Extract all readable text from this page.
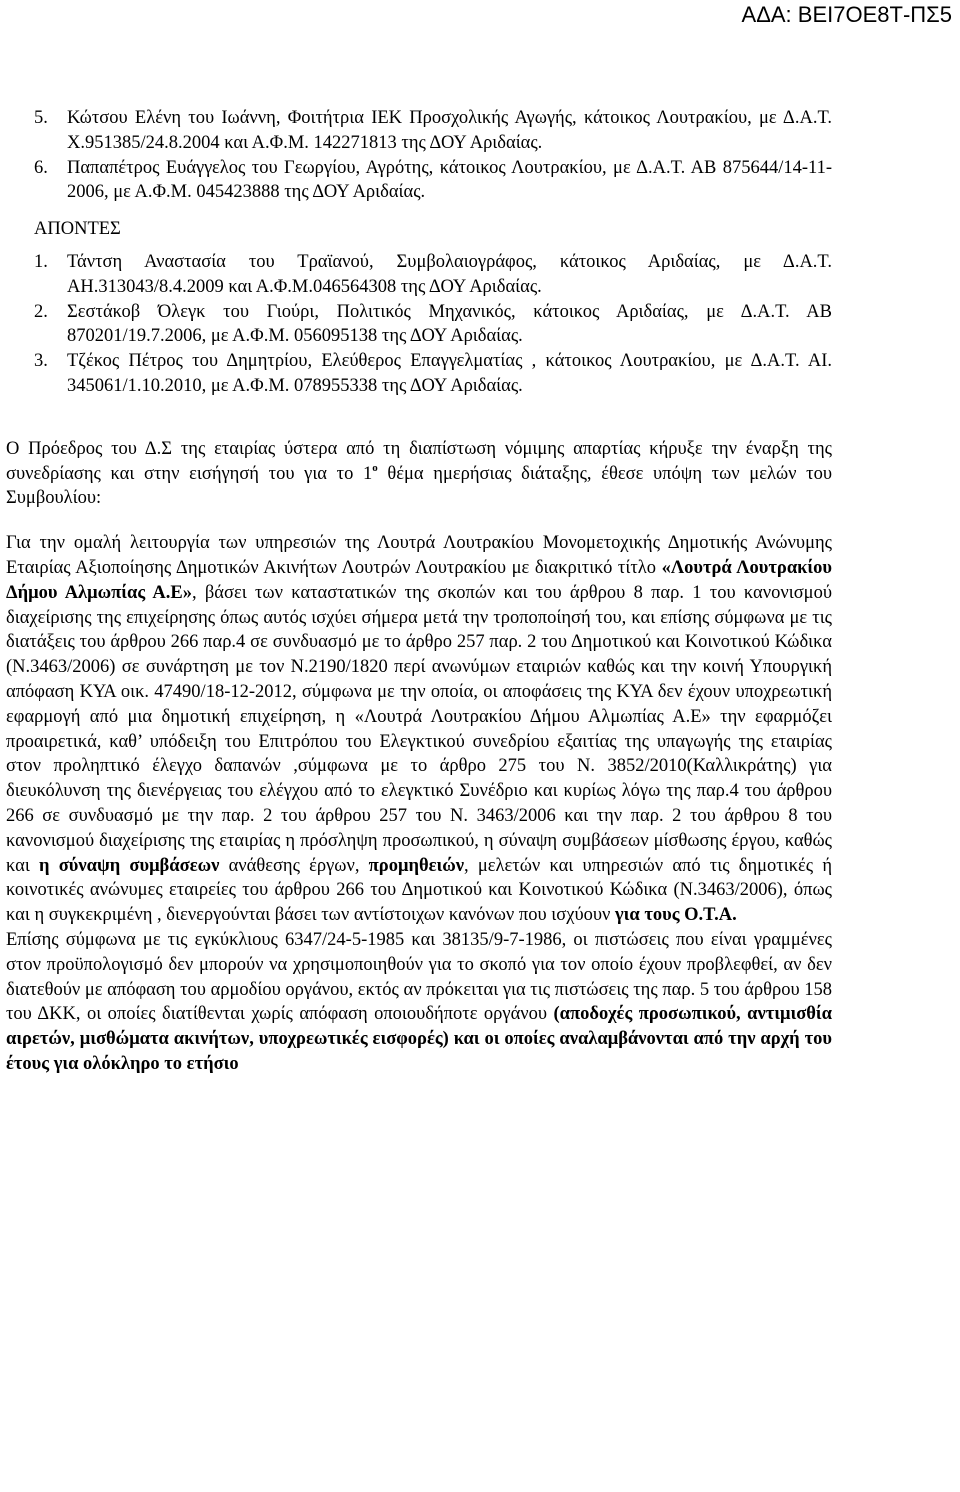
ΑΔΑ: ΒΕΙ7ΟΕ8Τ-ΠΣ5
5.	Κώτσου Ελένη του Ιωάννη, Φοιτήτρια ΙΕΚ Προσχολικής Αγωγής, κάτοικος Λουτρακίου, με Δ.Α.Τ. Χ.951385/24.8.2004 και Α.Φ.Μ. 142271813 της ΔΟΥ Αριδαίας.
6.	Παπαπέτρος Ευάγγελος του Γεωργίου, Αγρότης, κάτοικος Λουτρακίου, με Δ.Α.Τ. ΑΒ 875644/14-11-2006, με Α.Φ.Μ. 045423888 της ΔΟΥ Αριδαίας.
ΑΠΟΝΤΕΣ
1.	Τάντση Αναστασία του Τραϊανού, Συμβολαιογράφος, κάτοικος Αριδαίας, με Δ.Α.Τ. ΑΗ.313043/8.4.2009 και Α.Φ.Μ.046564308 της ΔΟΥ Αριδαίας.
2.	Σεστάκοβ Όλεγκ του Γιούρι, Πολιτικός Μηχανικός, κάτοικος Αριδαίας, με Δ.Α.Τ. ΑΒ 870201/19.7.2006, με Α.Φ.Μ. 056095138 της ΔΟΥ Αριδαίας.
3.	Τζέκος Πέτρος του Δημητρίου, Ελεύθερος Επαγγελματίας , κάτοικος Λουτρακίου, με Δ.Α.Τ. ΑΙ. 345061/1.10.2010, με Α.Φ.Μ. 078955338 της ΔΟΥ Αριδαίας.
Ο Πρόεδρος του Δ.Σ της εταιρίας ύστερα από τη διαπίστωση νόμιμης απαρτίας κήρυξε την έναρξη της συνεδρίασης και στην εισήγησή του για το $1^o$ θέμα ημερήσιας διάταξης, έθεσε υπόψη των μελών του Συμβουλίου:
Για την ομαλή λειτουργία των υπηρεσιών της Λουτρά Λουτρακίου Μονομετοχικής Δημοτικής Ανώνυμης Εταιρίας Αξιοποίησης Δημοτικών Ακινήτων Λουτρών Λουτρακίου με διακριτικό τίτλο «Λουτρά Λουτρακίου Δήμου Αλμωπίας Α.Ε», βάσει των καταστατικών της σκοπών και του άρθρου 8 παρ. 1 του κανονισμού διαχείρισης της επιχείρησης όπως αυτός ισχύει σήμερα μετά την τροποποίησή του, και επίσης σύμφωνα με τις διατάξεις του άρθρου 266 παρ.4 σε συνδυασμό με το άρθρο 257 παρ. 2 του Δημοτικού και Κοινοτικού Κώδικα (Ν.3463/2006) σε συνάρτηση με τον Ν.2190/1820 περί ανωνύμων εταιριών καθώς και την κοινή Υπουργική απόφαση ΚΥΑ οικ. 47490/18-12-2012, σύμφωνα με την οποία, οι αποφάσεις της ΚΥΑ δεν έχουν υποχρεωτική εφαρμογή από μια δημοτική επιχείρηση, η «Λουτρά Λουτρακίου Δήμου Αλμωπίας Α.Ε» την εφαρμόζει προαιρετικά, καθ’ υπόδειξη του Επιτρόπου του Ελεγκτικού συνεδρίου εξαιτίας της υπαγωγής της εταιρίας στον προληπτικό έλεγχο δαπανών ,σύμφωνα με το άρθρο 275 του Ν. 3852/2010(Καλλικράτης) για διευκόλυνση της διενέργειας του ελέγχου από το ελεγκτικό Συνέδριο και κυρίως λόγω της παρ.4 του άρθρου 266 σε συνδυασμό με την παρ. 2 του άρθρου 257 του Ν. 3463/2006 και την παρ. 2 του άρθρου 8 του κανονισμού διαχείρισης της εταιρίας η πρόσληψη προσωπικού, η σύναψη συμβάσεων μίσθωσης έργου, καθώς και η σύναψη συμβάσεων ανάθεσης έργων, προμηθειών, μελετών και υπηρεσιών από τις δημοτικές ή κοινοτικές ανώνυμες εταιρείες του άρθρου 266 του Δημοτικού και Κοινοτικού Κώδικα (Ν.3463/2006), όπως και η συγκεκριμένη , διενεργούνται βάσει των αντίστοιχων κανόνων που ισχύουν για τους Ο.Τ.Α.
Επίσης σύμφωνα με τις εγκύκλιους 6347/24-5-1985 και 38135/9-7-1986, οι πιστώσεις που είναι γραμμένες στον προϋπολογισμό δεν μπορούν να χρησιμοποιηθούν για το σκοπό για τον οποίο έχουν προβλεφθεί, αν δεν διατεθούν με απόφαση του αρμοδίου οργάνου, εκτός αν πρόκειται για τις πιστώσεις της παρ. 5 του άρθρου 158 του ΔΚΚ, οι οποίες διατίθενται χωρίς απόφαση οποιουδήποτε οργάνου (αποδοχές προσωπικού, αντιμισθία αιρετών, μισθώματα ακινήτων, υποχρεωτικές εισφορές) και οι οποίες αναλαμβάνονται από την αρχή του έτους για ολόκληρο το ετήσιο
